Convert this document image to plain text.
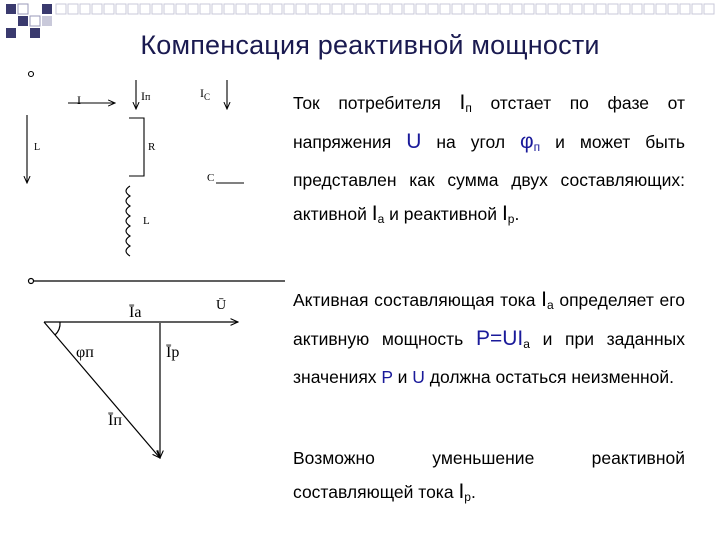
Компенсация реактивной мощности
I	Iп	$I_C$
L	R
C
L
Īа	Ū
φп	Īр
Īп

Ток потребителя $I_п$ отстает по фазе от напряжения U на угол $\varphi_п$ и может быть представлен как сумма двух составляющих: активной $I_а$ и реактивной $I_р$.

Активная составляющая тока $I_а$ определяет его активную мощность $P=UI_а$ и при заданных значениях P и U должна остаться неизменной.

Возможно уменьшение реактивной составляющей тока $I_р$.
